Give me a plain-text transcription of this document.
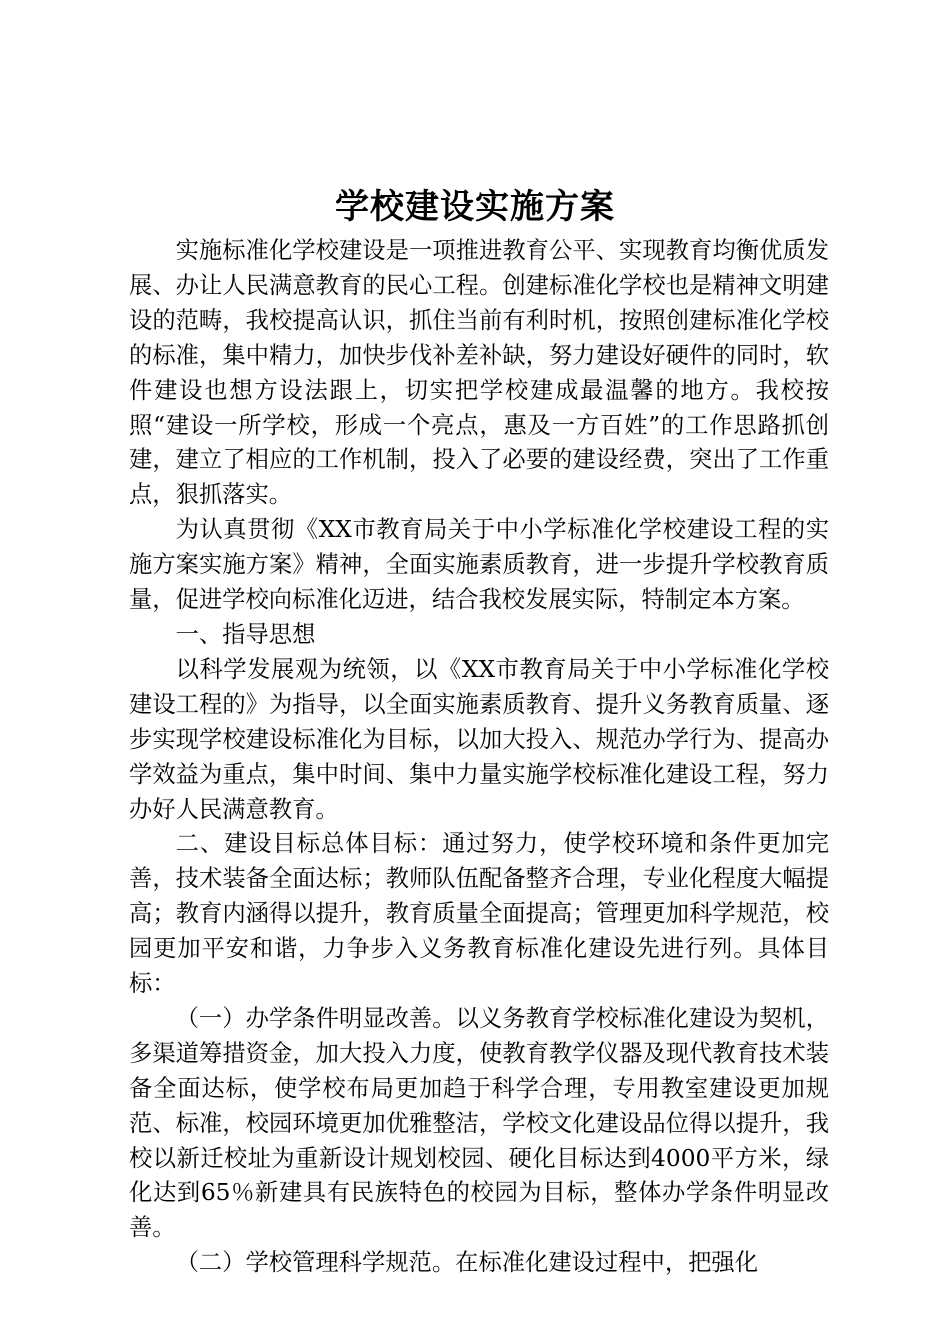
学校建设实施方案

实施标准化学校建设是一项推进教育公平、实现教育均衡优质发展、办让人民满意教育的民心工程。创建标准化学校也是精神文明建设的范畴，我校提高认识，抓住当前有利时机，按照创建标准化学校的标准，集中精力，加快步伐补差补缺，努力建设好硬件的同时，软件建设也想方设法跟上，切实把学校建成最温馨的地方。我校按照“建设一所学校，形成一个亮点，惠及一方百姓”的工作思路抓创建，建立了相应的工作机制，投入了必要的建设经费，突出了工作重点，狠抓落实。

为认真贯彻《XX市教育局关于中小学标准化学校建设工程的实施方案实施方案》精神，全面实施素质教育，进一步提升学校教育质量，促进学校向标准化迈进，结合我校发展实际，特制定本方案。

一、指导思想

以科学发展观为统领，以《XX市教育局关于中小学标准化学校建设工程的》为指导，以全面实施素质教育、提升义务教育质量、逐步实现学校建设标准化为目标，以加大投入、规范办学行为、提高办学效益为重点，集中时间、集中力量实施学校标准化建设工程，努力办好人民满意教育。

二、建设目标总体目标：通过努力，使学校环境和条件更加完善，技术装备全面达标；教师队伍配备整齐合理，专业化程度大幅提高；教育内涵得以提升，教育质量全面提高；管理更加科学规范，校园更加平安和谐，力争步入义务教育标准化建设先进行列。具体目标：

（一）办学条件明显改善。以义务教育学校标准化建设为契机，多渠道筹措资金，加大投入力度，使教育教学仪器及现代教育技术装备全面达标，使学校布局更加趋于科学合理，专用教室建设更加规范、标准，校园环境更加优雅整洁，学校文化建设品位得以提升，我校以新迁校址为重新设计规划校园、硬化目标达到4000平方米，绿化达到65％新建具有民族特色的校园为目标，整体办学条件明显改善。

（二）学校管理科学规范。在标准化建设过程中，把强化
